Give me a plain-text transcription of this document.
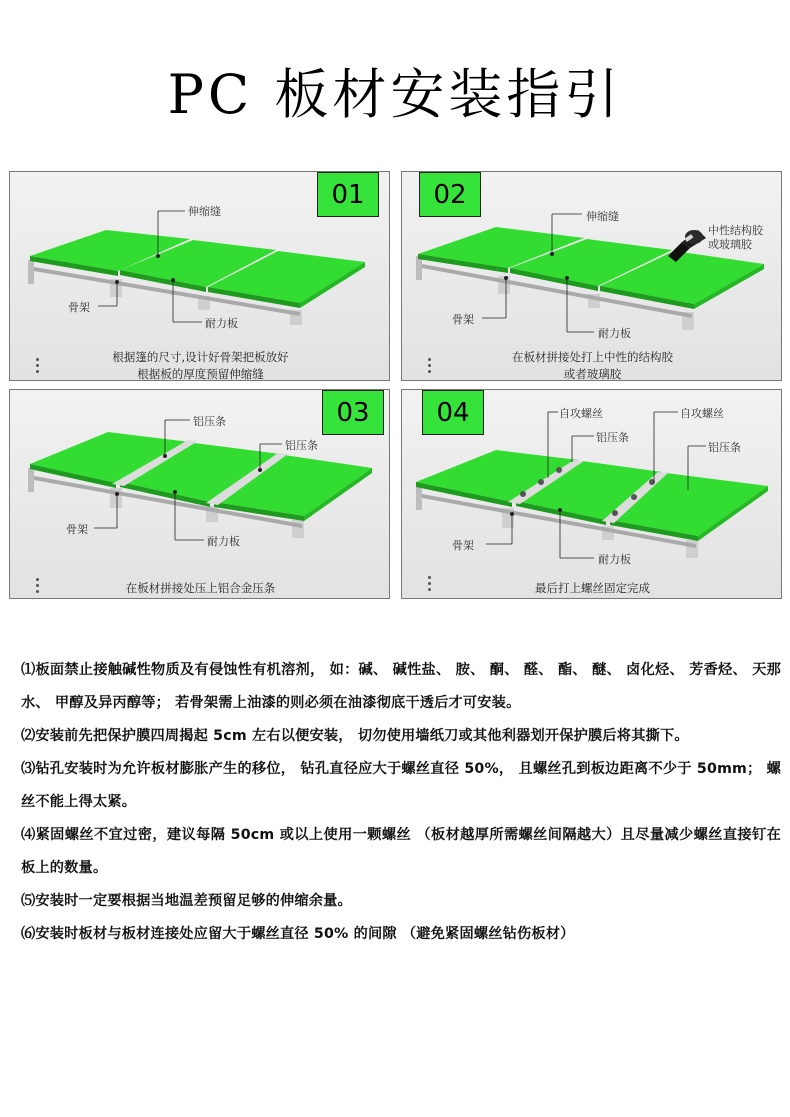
PC 板材安装指引
01
伸缩缝
骨架
耐力板
根据篷的尺寸,设计好骨架把板放好
根据板的厚度预留伸缩缝
02
伸缩缝
中性结构胶
或玻璃胶
骨架
耐力板
在板材拼接处打上中性的结构胶
或者玻璃胶
03
铝压条
铝压条
骨架
耐力板
在板材拼接处压上铝合金压条
04	自攻螺丝	自攻螺丝
铝压条
铝压条
骨架
耐力板
最后打上螺丝固定完成
⑴板面禁止接触碱性物质及有侵蚀性有机溶剂， 如：碱、 碱性盐、 胺、 酮、 醛、 酯、 醚、 卤化烃、 芳香烃、 天那水、 甲醇及异丙醇等； 若骨架需上油漆的则必须在油漆彻底干透后才可安装。
⑵安装前先把保护膜四周揭起 5cm 左右以便安装， 切勿使用墙纸刀或其他利器划开保护膜后将其撕下。
⑶钻孔安装时为允许板材膨胀产生的移位， 钻孔直径应大于螺丝直径 50%， 且螺丝孔到板边距离不少于 50mm； 螺丝不能上得太紧。
⑷紧固螺丝不宜过密，建议每隔 50cm 或以上使用一颗螺丝 （板材越厚所需螺丝间隔越大）且尽量减少螺丝直接钉在板上的数量。
⑸安装时一定要根据当地温差预留足够的伸缩余量。
⑹安装时板材与板材连接处应留大于螺丝直径 50% 的间隙 （避免紧固螺丝钻伤板材）
